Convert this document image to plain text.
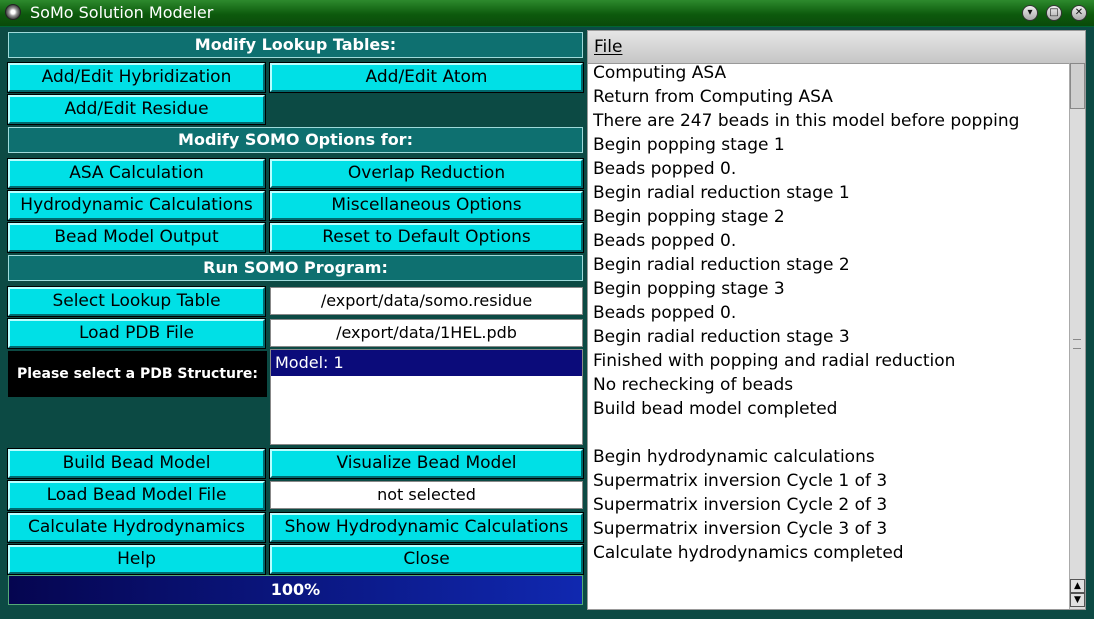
SoMo Solution Modeler	▾	□	✕
Modify Lookup Tables:
Add/Edit Hybridization	Add/Edit Atom
Add/Edit Residue
Modify SOMO Options for:
ASA Calculation	Overlap Reduction
Hydrodynamic Calculations	Miscellaneous Options
Bead Model Output	Reset to Default Options
Run SOMO Program:
Select Lookup Table	/export/data/somo.residue
Load PDB File	/export/data/1HEL.pdb
Please select a PDB Structure:
Model: 1
Build Bead Model	Visualize Bead Model
Load Bead Model File	not selected
Calculate Hydrodynamics	Show Hydrodynamic Calculations
Help	Close
100%
File
Computing ASA
Return from Computing ASA
There are 247 beads in this model before popping
Begin popping stage 1
Beads popped 0.
Begin radial reduction stage 1
Begin popping stage 2
Beads popped 0.
Begin radial reduction stage 2
Begin popping stage 3
Beads popped 0.
Begin radial reduction stage 3
Finished with popping and radial reduction
No rechecking of beads
Build bead model completed
Begin hydrodynamic calculations
Supermatrix inversion Cycle 1 of 3
Supermatrix inversion Cycle 2 of 3
Supermatrix inversion Cycle 3 of 3
Calculate hydrodynamics completed
▲
▼
